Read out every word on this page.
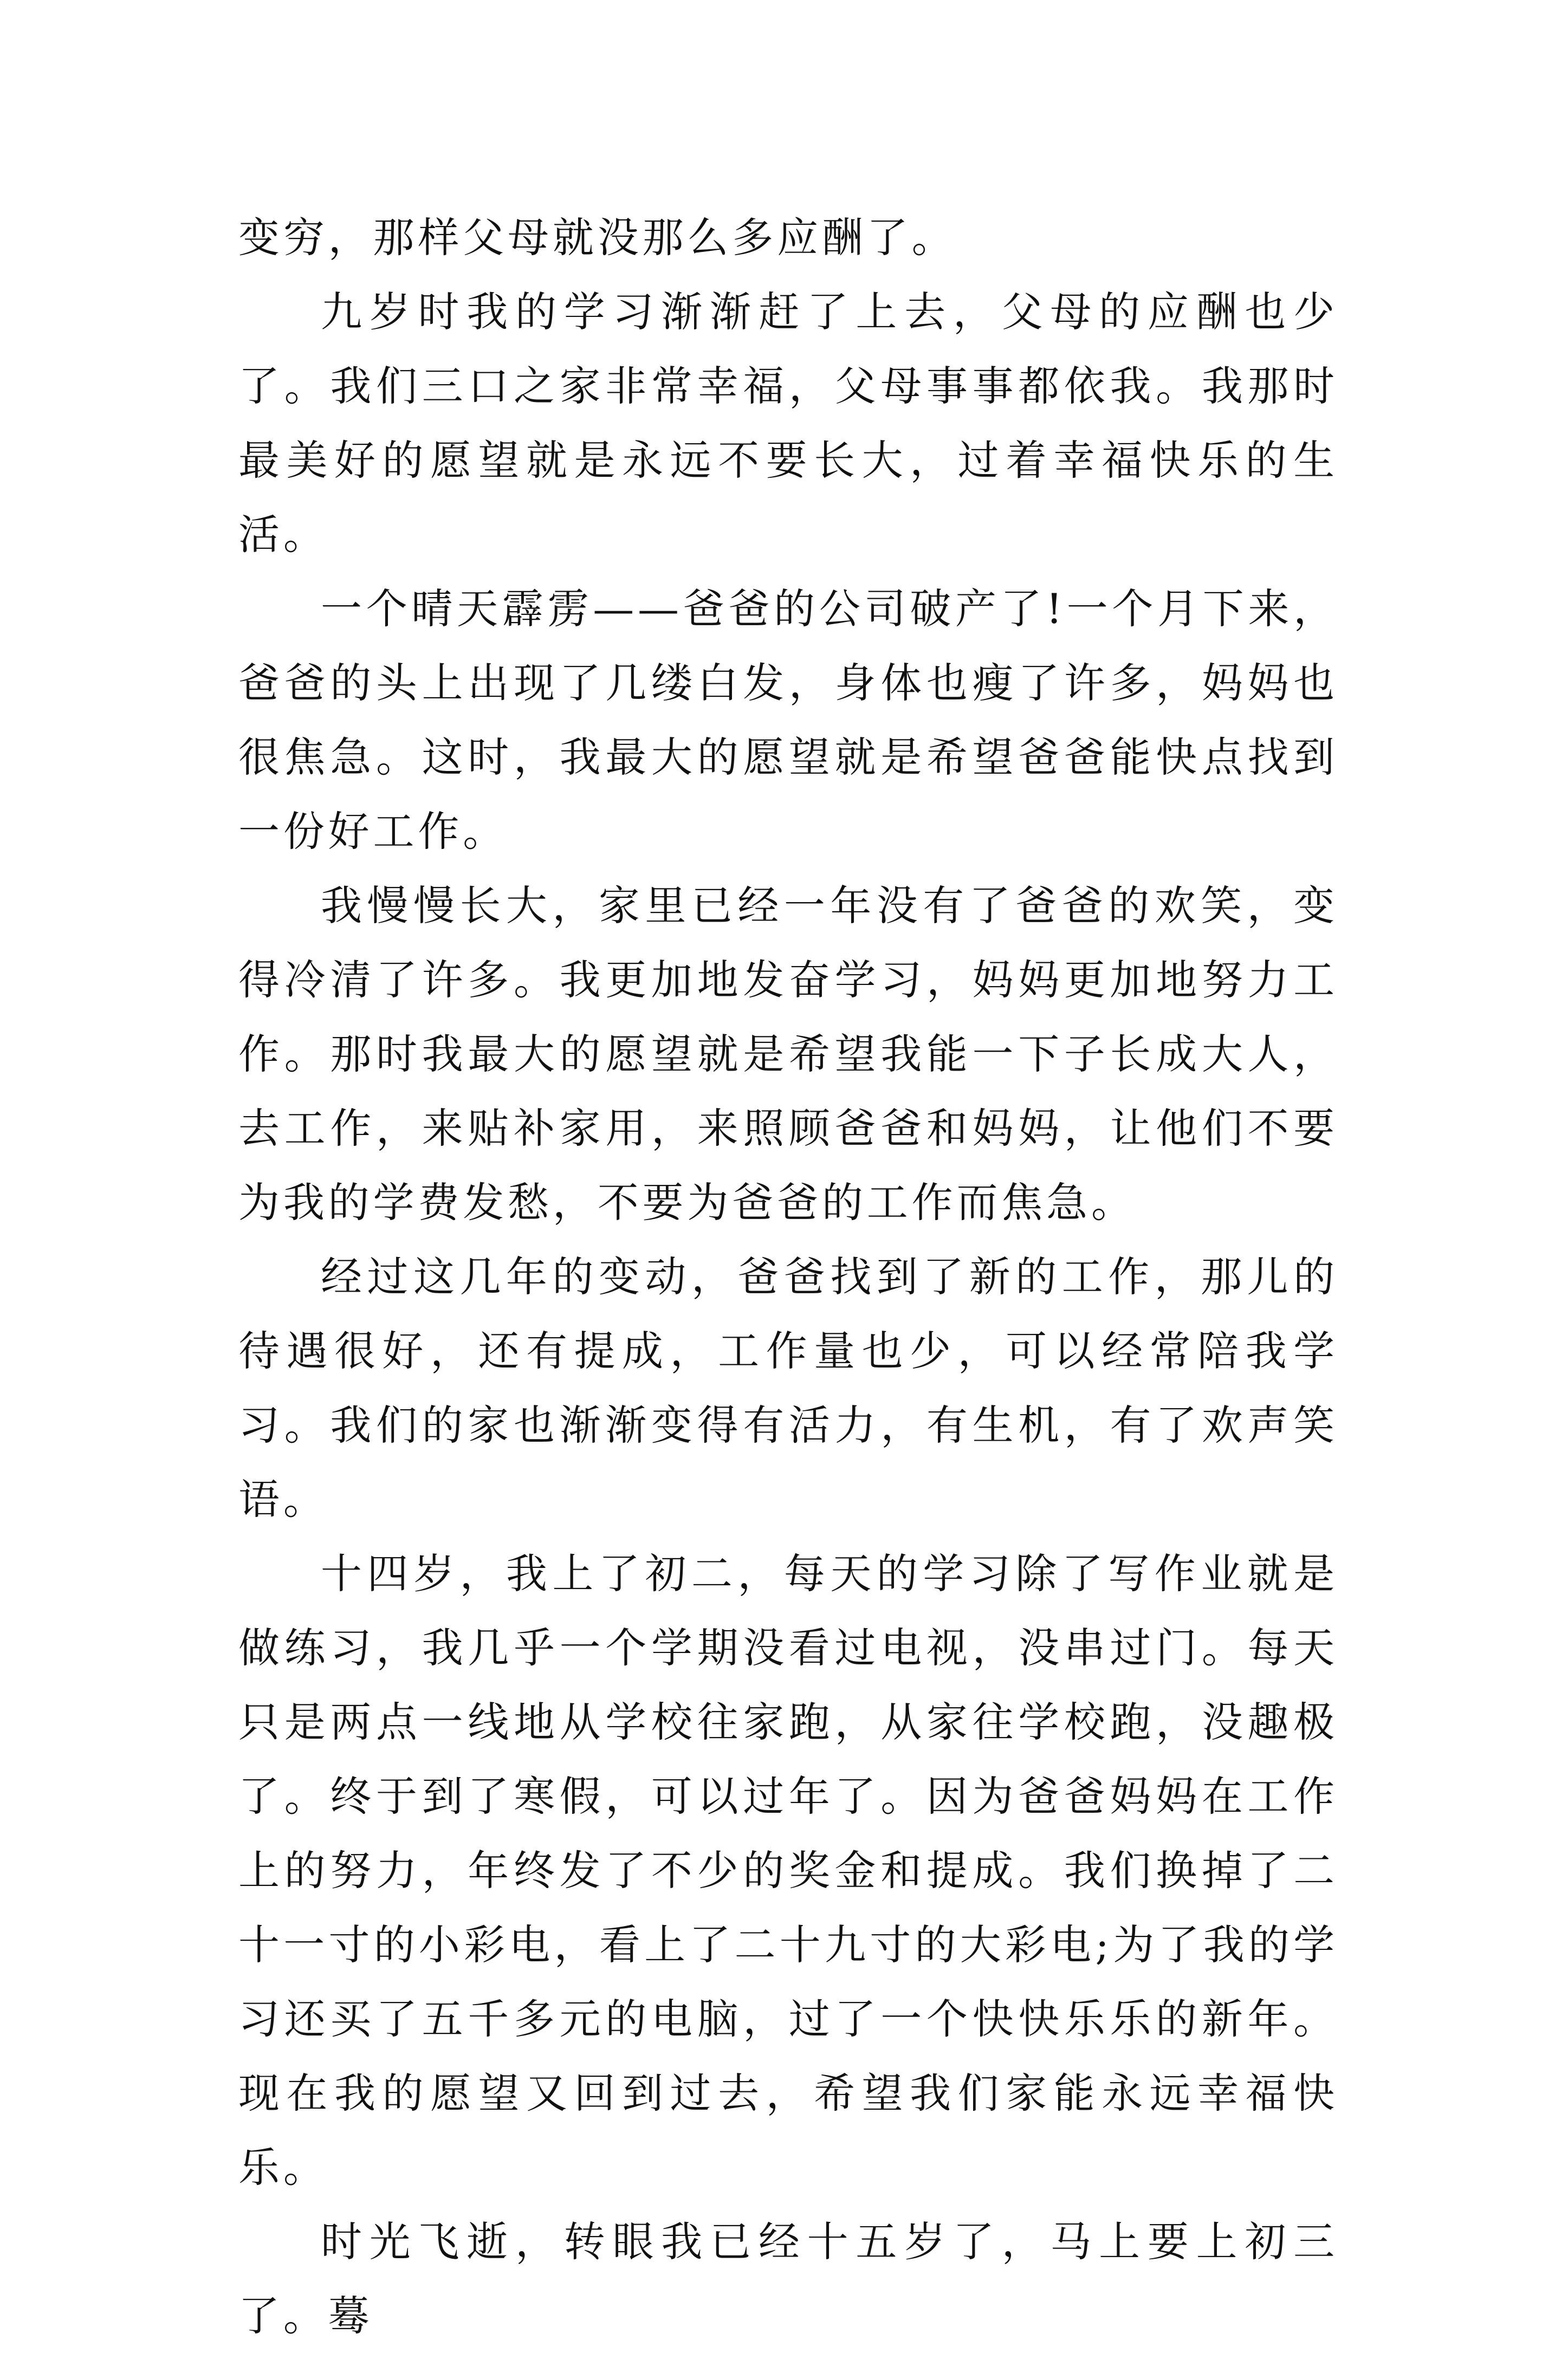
变穷，那样父母就没那么多应酬了。

九岁时我的学习渐渐赶了上去，父母的应酬也少了。我们三口之家非常幸福，父母事事都依我。我那时最美好的愿望就是永远不要长大，过着幸福快乐的生活。

一个晴天霹雳——爸爸的公司破产了!一个月下来，爸爸的头上出现了几缕白发，身体也瘦了许多，妈妈也很焦急。这时，我最大的愿望就是希望爸爸能快点找到一份好工作。

我慢慢长大，家里已经一年没有了爸爸的欢笑，变得冷清了许多。我更加地发奋学习，妈妈更加地努力工作。那时我最大的愿望就是希望我能一下子长成大人，去工作，来贴补家用，来照顾爸爸和妈妈，让他们不要为我的学费发愁，不要为爸爸的工作而焦急。

经过这几年的变动，爸爸找到了新的工作，那儿的待遇很好，还有提成，工作量也少，可以经常陪我学习。我们的家也渐渐变得有活力，有生机，有了欢声笑语。

十四岁，我上了初二，每天的学习除了写作业就是做练习，我几乎一个学期没看过电视，没串过门。每天只是两点一线地从学校往家跑，从家往学校跑，没趣极了。终于到了寒假，可以过年了。因为爸爸妈妈在工作上的努力，年终发了不少的奖金和提成。我们换掉了二十一寸的小彩电，看上了二十九寸的大彩电;为了我的学习还买了五千多元的电脑，过了一个快快乐乐的新年。现在我的愿望又回到过去，希望我们家能永远幸福快乐。

时光飞逝，转眼我已经十五岁了，马上要上初三了。蓦
